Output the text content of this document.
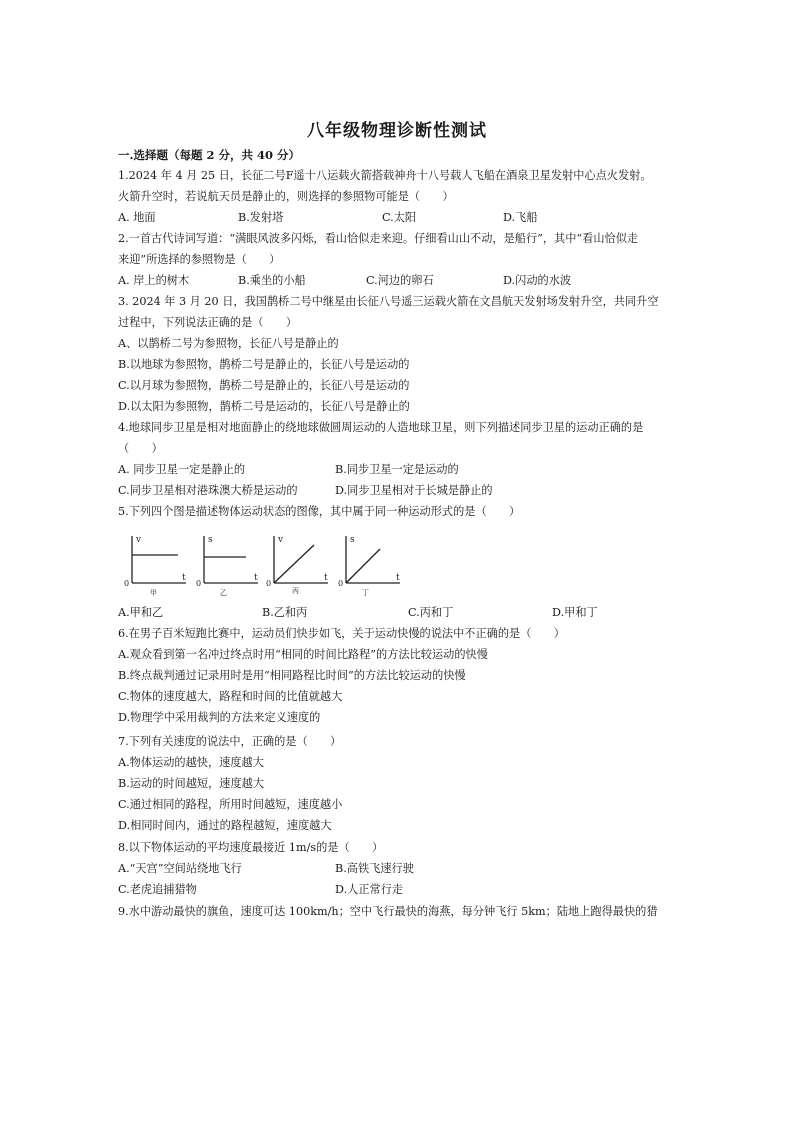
八年级物理诊断性测试
一.选择题（每题 2 分，共 40 分）
1.2024 年 4 月 25 日，长征二号F遥十八运载火箭搭载神舟十八号载人飞船在酒泉卫星发射中心点火发射。
火箭升空时，若说航天员是静止的，则选择的参照物可能是（　　）
A. 地面	B.发射塔	C.太阳	D.飞船
2.一首古代诗词写道：“满眼风波多闪烁，看山恰似走来迎。仔细看山山不动，是船行”，其中“看山恰似走
来迎”所选择的参照物是（　　）
A. 岸上的树木	B.乘坐的小船	C.河边的卵石	D.闪动的水波
3. 2024 年 3 月 20 日，我国鹊桥二号中继星由长征八号遥三运载火箭在文昌航天发射场发射升空，共同升空
过程中，下列说法正确的是（　　）
A、以鹊桥二号为参照物，长征八号是静止的
B.以地球为参照物，鹊桥二号是静止的，长征八号是运动的
C.以月球为参照物，鹊桥二号是静止的，长征八号是运动的
D.以太阳为参照物，鹊桥二号是运动的，长征八号是静止的
4.地球同步卫星是相对地面静止的绕地球做圆周运动的人造地球卫星，则下列描述同步卫星的运动正确的是
（　　）
A. 同步卫星一定是静止的	B.同步卫星一定是运动的
C.同步卫星相对港珠澳大桥是运动的	D.同步卫星相对于长城是静止的
5.下列四个图是描述物体运动状态的图像，其中属于同一种运动形式的是（　　）
v
t
0
甲
s
t
0
乙
v
t
0
丙
s
t
0
丁
A.甲和乙	B.乙和丙	C.丙和丁	D.甲和丁
6.在男子百米短跑比赛中，运动员们快步如飞，关于运动快慢的说法中不正确的是（　　）
A.观众看到第一名冲过终点时用“相同的时间比路程”的方法比较运动的快慢
B.终点裁判通过记录用时是用“相同路程比时间”的方法比较运动的快慢
C.物体的速度越大，路程和时间的比值就越大
D.物理学中采用裁判的方法来定义速度的
7.下列有关速度的说法中，正确的是（　　）
A.物体运动的越快，速度越大
B.运动的时间越短，速度越大
C.通过相同的路程，所用时间越短，速度越小
D.相同时间内，通过的路程越短，速度越大
8.以下物体运动的平均速度最接近 1m/s的是（　　）
A.“天宫”空间站绕地飞行	B.高铁飞速行驶
C.老虎追捕猎物	D.人正常行走
9.水中游动最快的旗鱼，速度可达 100km/h；空中飞行最快的海燕，每分钟飞行 5km；陆地上跑得最快的猎
